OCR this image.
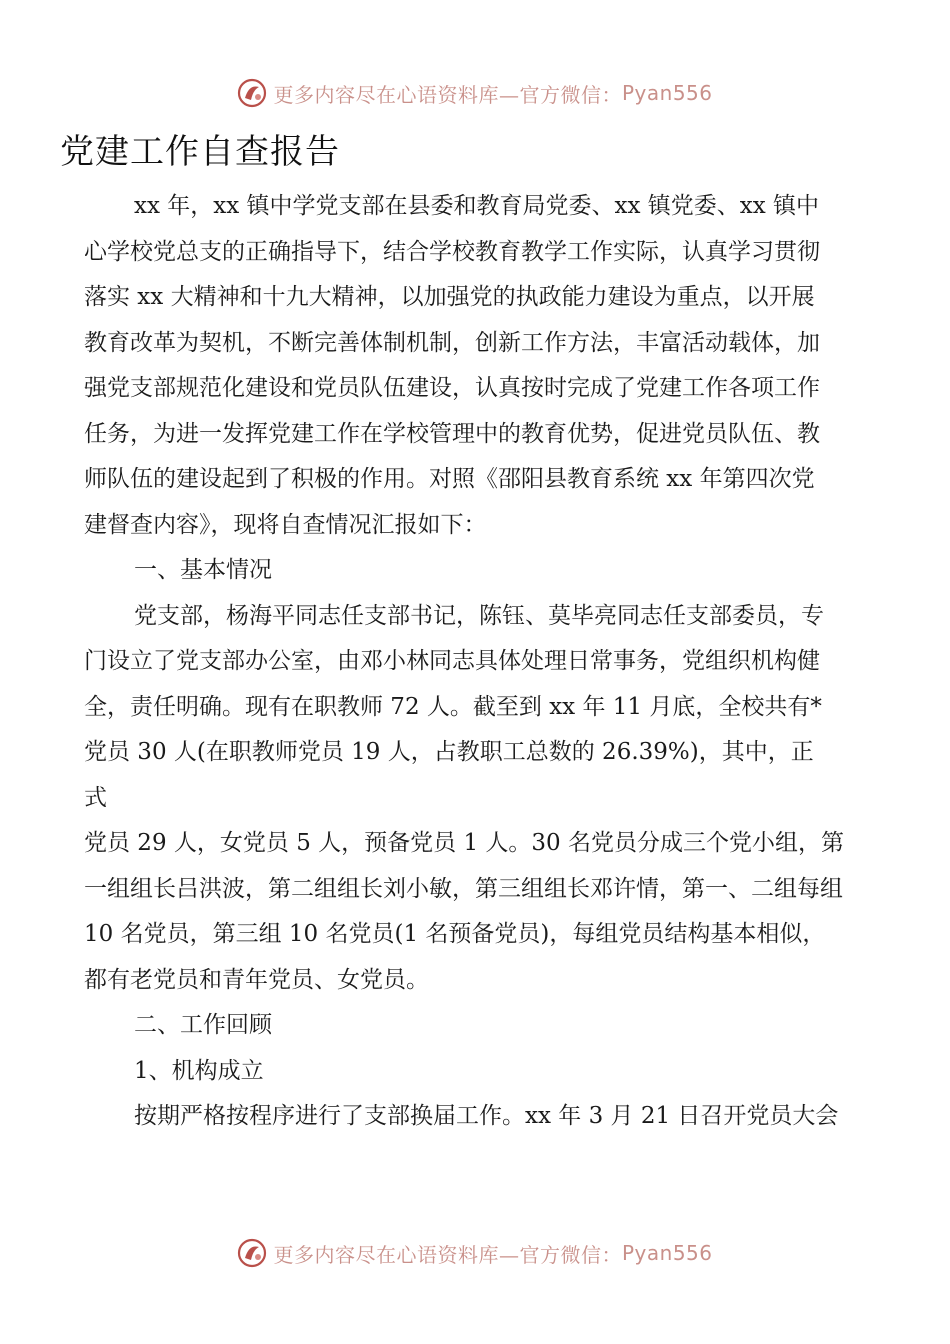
更多内容尽在心语资料库—官方微信： Pyan556
党建工作自查报告

xx 年，xx 镇中学党支部在县委和教育局党委、xx 镇党委、xx 镇中
心学校党总支的正确指导下，结合学校教育教学工作实际，认真学习贯彻
落实 xx 大精神和十九大精神，以加强党的执政能力建设为重点，以开展
教育改革为契机，不断完善体制机制，创新工作方法，丰富活动载体，加
强党支部规范化建设和党员队伍建设，认真按时完成了党建工作各项工作
任务，为进一发挥党建工作在学校管理中的教育优势，促进党员队伍、教
师队伍的建设起到了积极的作用。对照《邵阳县教育系统 xx 年第四次党
建督查内容》，现将自查情况汇报如下：

一、基本情况

党支部，杨海平同志任支部书记，陈钰、莫毕亮同志任支部委员，专
门设立了党支部办公室，由邓小林同志具体处理日常事务，党组织机构健
全，责任明确。现有在职教师 72 人。截至到 xx 年 11 月底，全校共有*
党员 30 人(在职教师党员 19 人，占教职工总数的 26.39%)，其中，正
式

党员 29 人，女党员 5 人，预备党员 1 人。30 名党员分成三个党小组，第
一组组长吕洪波，第二组组长刘小敏，第三组组长邓许情，第一、二组每组
10 名党员，第三组 10 名党员(1 名预备党员)，每组党员结构基本相似，
都有老党员和青年党员、女党员。

二、工作回顾

1、机构成立

按期严格按程序进行了支部换届工作。xx 年 3 月 21 日召开党员大会

更多内容尽在心语资料库—官方微信： Pyan556
